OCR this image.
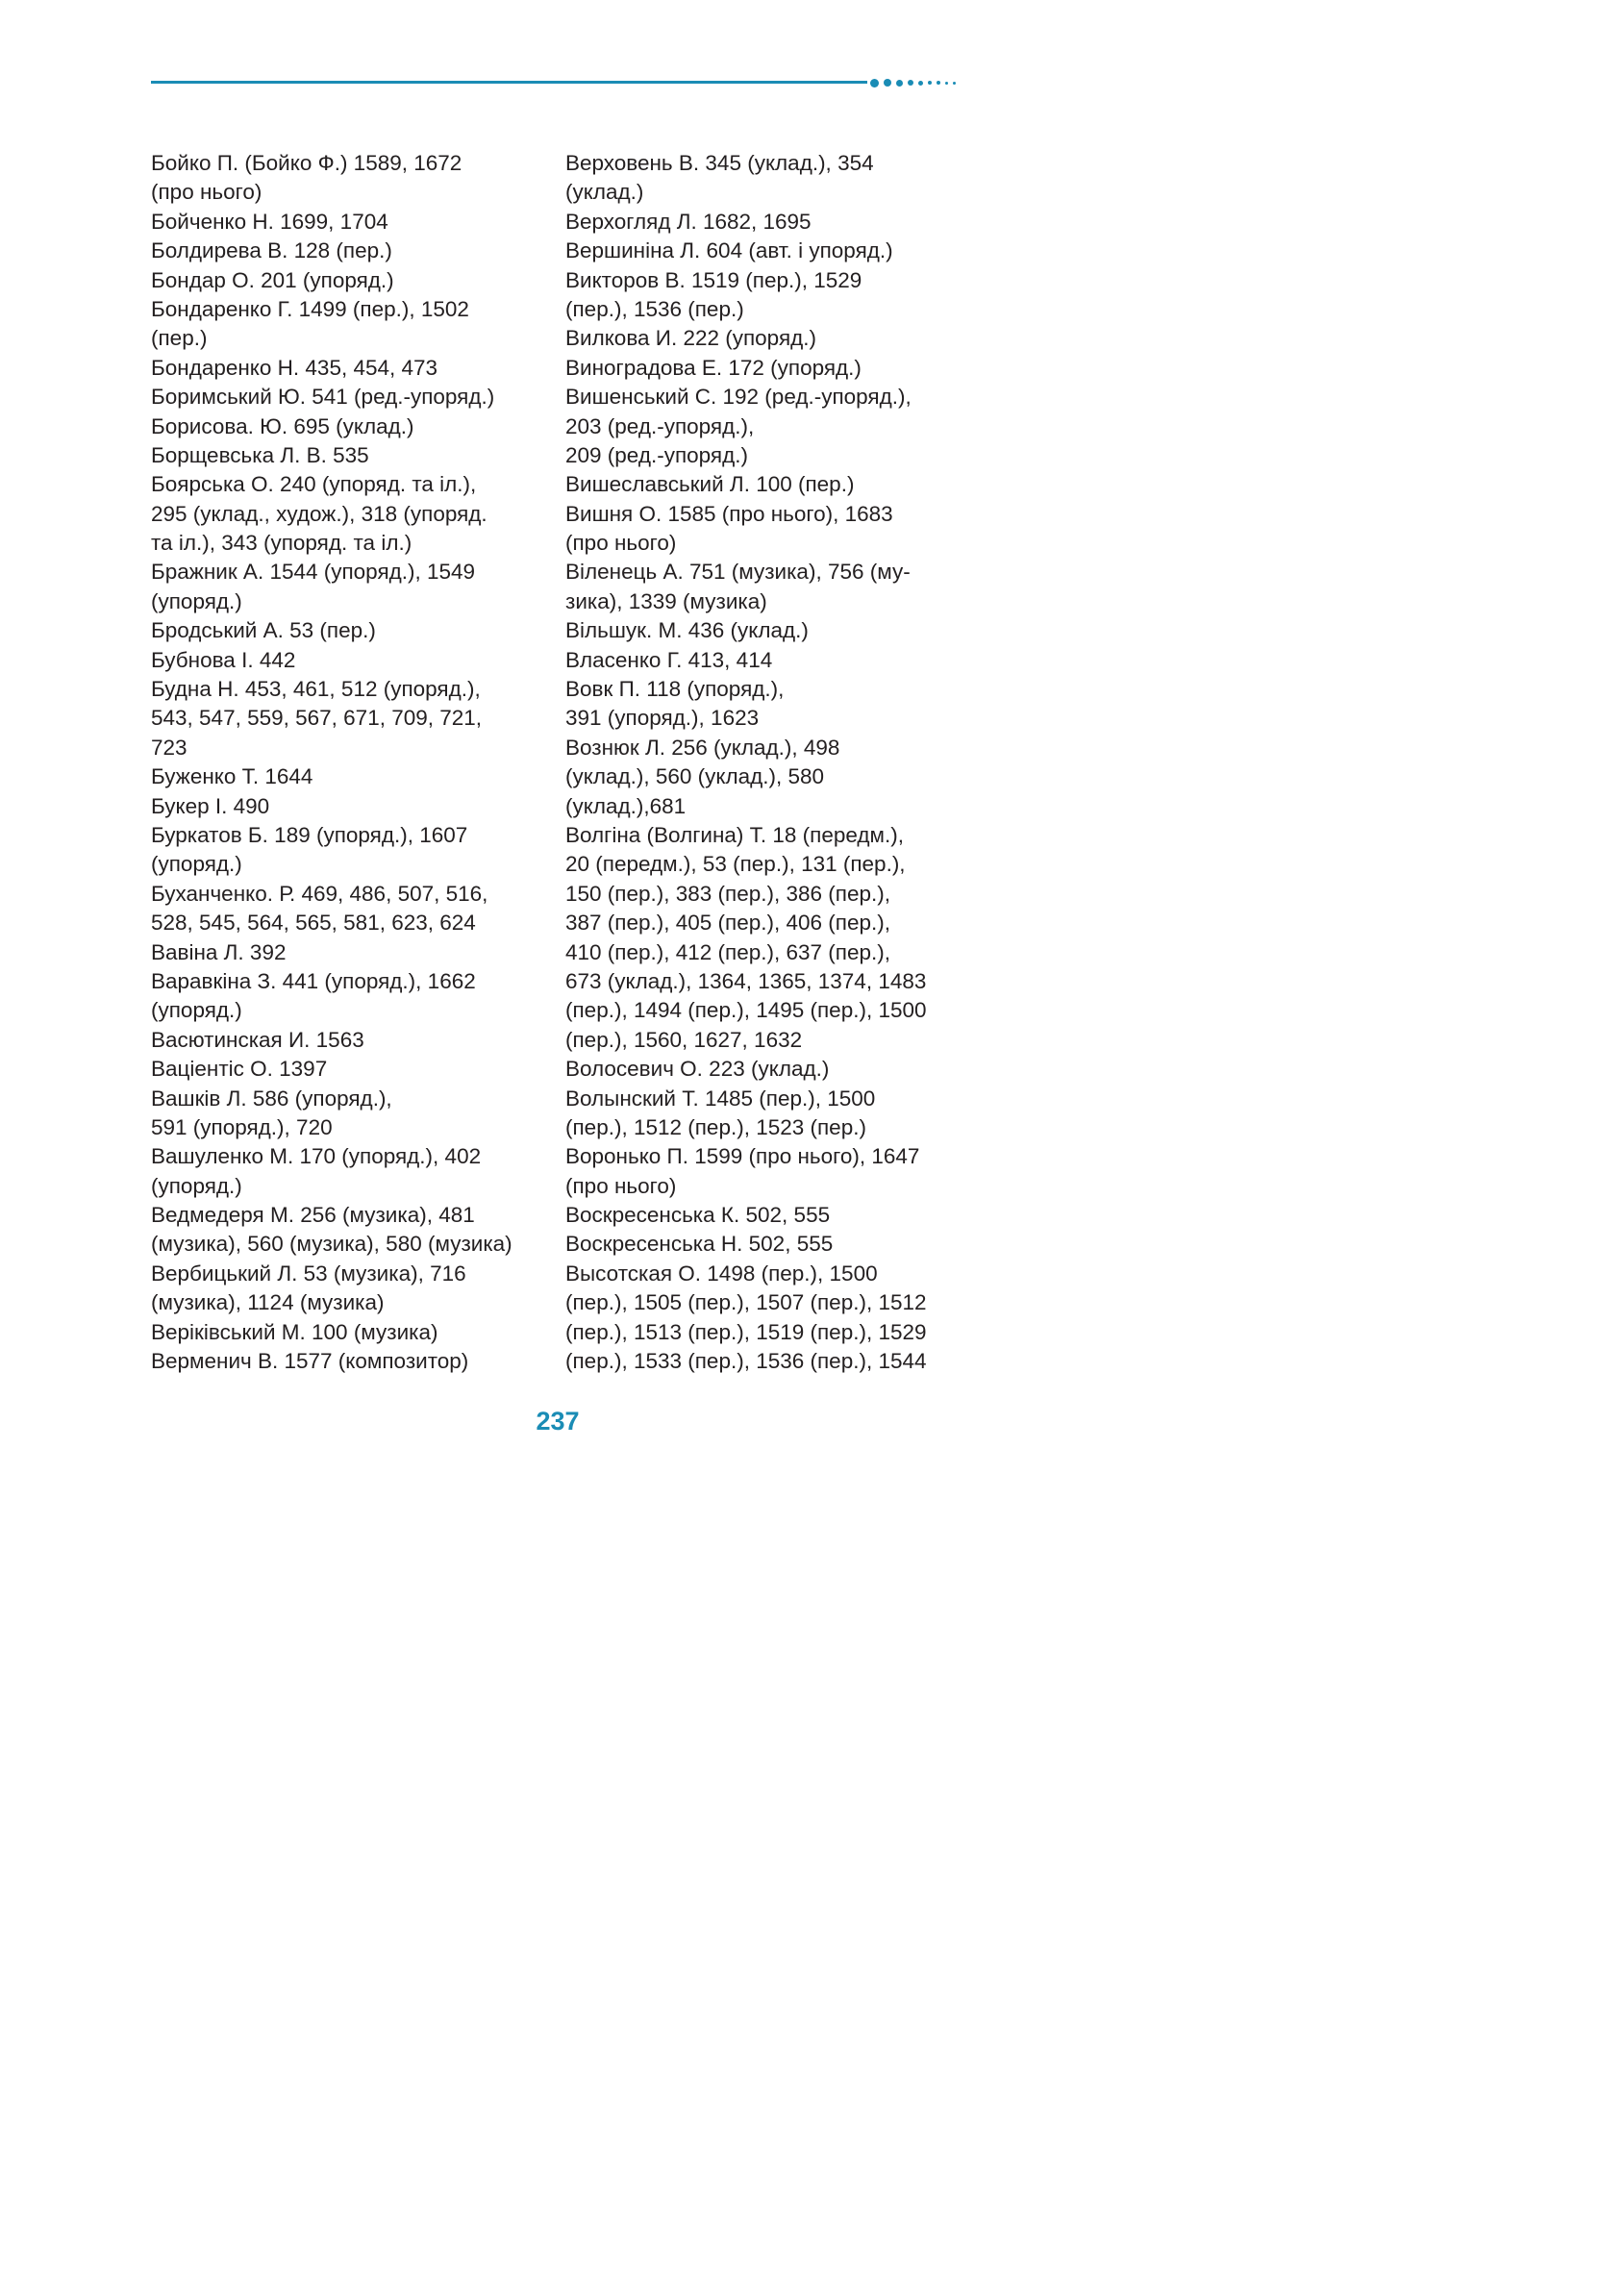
Бойко П. (Бойко Ф.) 1589, 1672
(про нього)
Бойченко Н. 1699, 1704
Болдирева В. 128 (пер.)
Бондар О. 201 (упоряд.)
Бондаренко Г. 1499 (пер.), 1502
(пер.)
Бондаренко Н. 435, 454, 473
Боримський Ю. 541 (ред.-упоряд.)
Борисова. Ю. 695 (уклад.)
Борщевська Л. В. 535
Боярська О. 240 (упоряд. та іл.),
295 (уклад., худож.), 318 (упоряд.
та іл.), 343 (упоряд. та іл.)
Бражник А. 1544 (упоряд.), 1549
(упоряд.)
Бродський А. 53 (пер.)
Бубнова І. 442
Будна Н. 453, 461, 512 (упоряд.),
543, 547, 559, 567, 671, 709, 721,
723
Буженко Т. 1644
Букер І. 490
Буркатов Б. 189 (упоряд.), 1607
(упоряд.)
Буханченко. Р. 469, 486, 507, 516,
528, 545, 564, 565, 581, 623, 624
Вавіна Л. 392
Варавкіна З. 441 (упоряд.), 1662
(упоряд.)
Васютинская И. 1563
Ваціентіс О. 1397
Вашків Л. 586 (упоряд.),
591 (упоряд.), 720
Вашуленко М. 170 (упоряд.), 402
(упоряд.)
Ведмедеря М. 256 (музика), 481
(музика), 560 (музика), 580 (музика)
Вербицький Л. 53 (музика), 716
(музика), 1124 (музика)
Веріківський М. 100 (музика)
Верменич В. 1577 (композитор)
Верховень В. 345 (уклад.), 354
(уклад.)
Верхогляд Л. 1682, 1695
Вершиніна Л. 604 (авт. і упоряд.)
Викторов В. 1519 (пер.), 1529
(пер.), 1536 (пер.)
Вилкова И. 222 (упоряд.)
Виноградова Е. 172 (упоряд.)
Вишенський С. 192 (ред.-упоряд.),
203 (ред.-упоряд.),
209 (ред.-упоряд.)
Вишеславський Л. 100 (пер.)
Вишня О. 1585 (про нього), 1683
(про нього)
Віленець А. 751 (музика), 756 (му-
зика), 1339 (музика)
Вільшук. М. 436 (уклад.)
Власенко Г. 413, 414
Вовк П. 118 (упоряд.),
391 (упоряд.), 1623
Вознюк Л. 256 (уклад.), 498
(уклад.), 560 (уклад.), 580
(уклад.),681
Волгіна (Волгина) Т. 18 (передм.),
20 (передм.), 53 (пер.), 131 (пер.),
150 (пер.), 383 (пер.), 386 (пер.),
387 (пер.), 405 (пер.), 406 (пер.),
410 (пер.), 412 (пер.), 637 (пер.),
673 (уклад.), 1364, 1365, 1374, 1483
(пер.), 1494 (пер.), 1495 (пер.), 1500
(пер.), 1560, 1627, 1632
Волосевич О. 223 (уклад.)
Волынский Т. 1485 (пер.), 1500
(пер.), 1512 (пер.), 1523 (пер.)
Воронько П. 1599 (про нього), 1647
(про нього)
Воскресенська К. 502, 555
Воскресенська Н. 502, 555
Высотская О. 1498 (пер.), 1500
(пер.), 1505 (пер.), 1507 (пер.), 1512
(пер.), 1513 (пер.), 1519 (пер.), 1529
(пер.), 1533 (пер.), 1536 (пер.), 1544
237
